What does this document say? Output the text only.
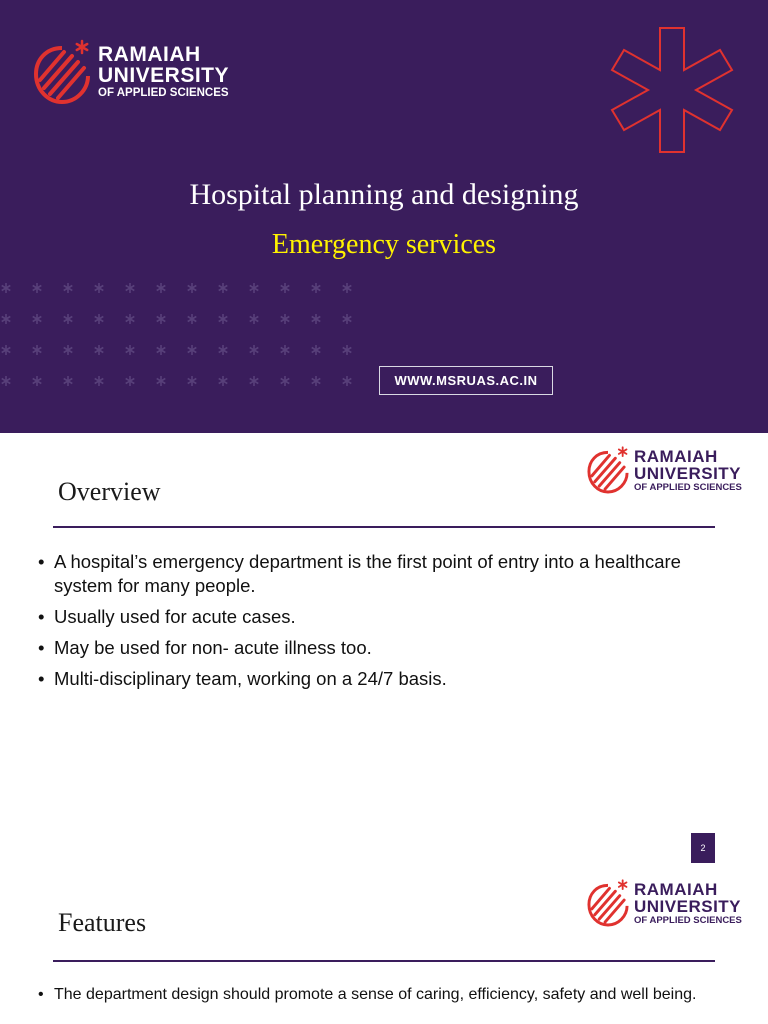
RAMAIAH
UNIVERSITY
OF APPLIED SCIENCES
Hospital planning and designing
Emergency services
WWW.MSRUAS.AC.IN
RAMAIAH
UNIVERSITY
OF APPLIED SCIENCES
Overview
• A hospital’s emergency department is the first point of entry into a healthcare system for many people.
• Usually used for acute cases.
• May be used for non- acute illness too.
• Multi-disciplinary team, working on a 24/7 basis.
2
RAMAIAH
UNIVERSITY
OF APPLIED SCIENCES
Features
• The department design should promote a sense of caring, efficiency, safety and well being.
